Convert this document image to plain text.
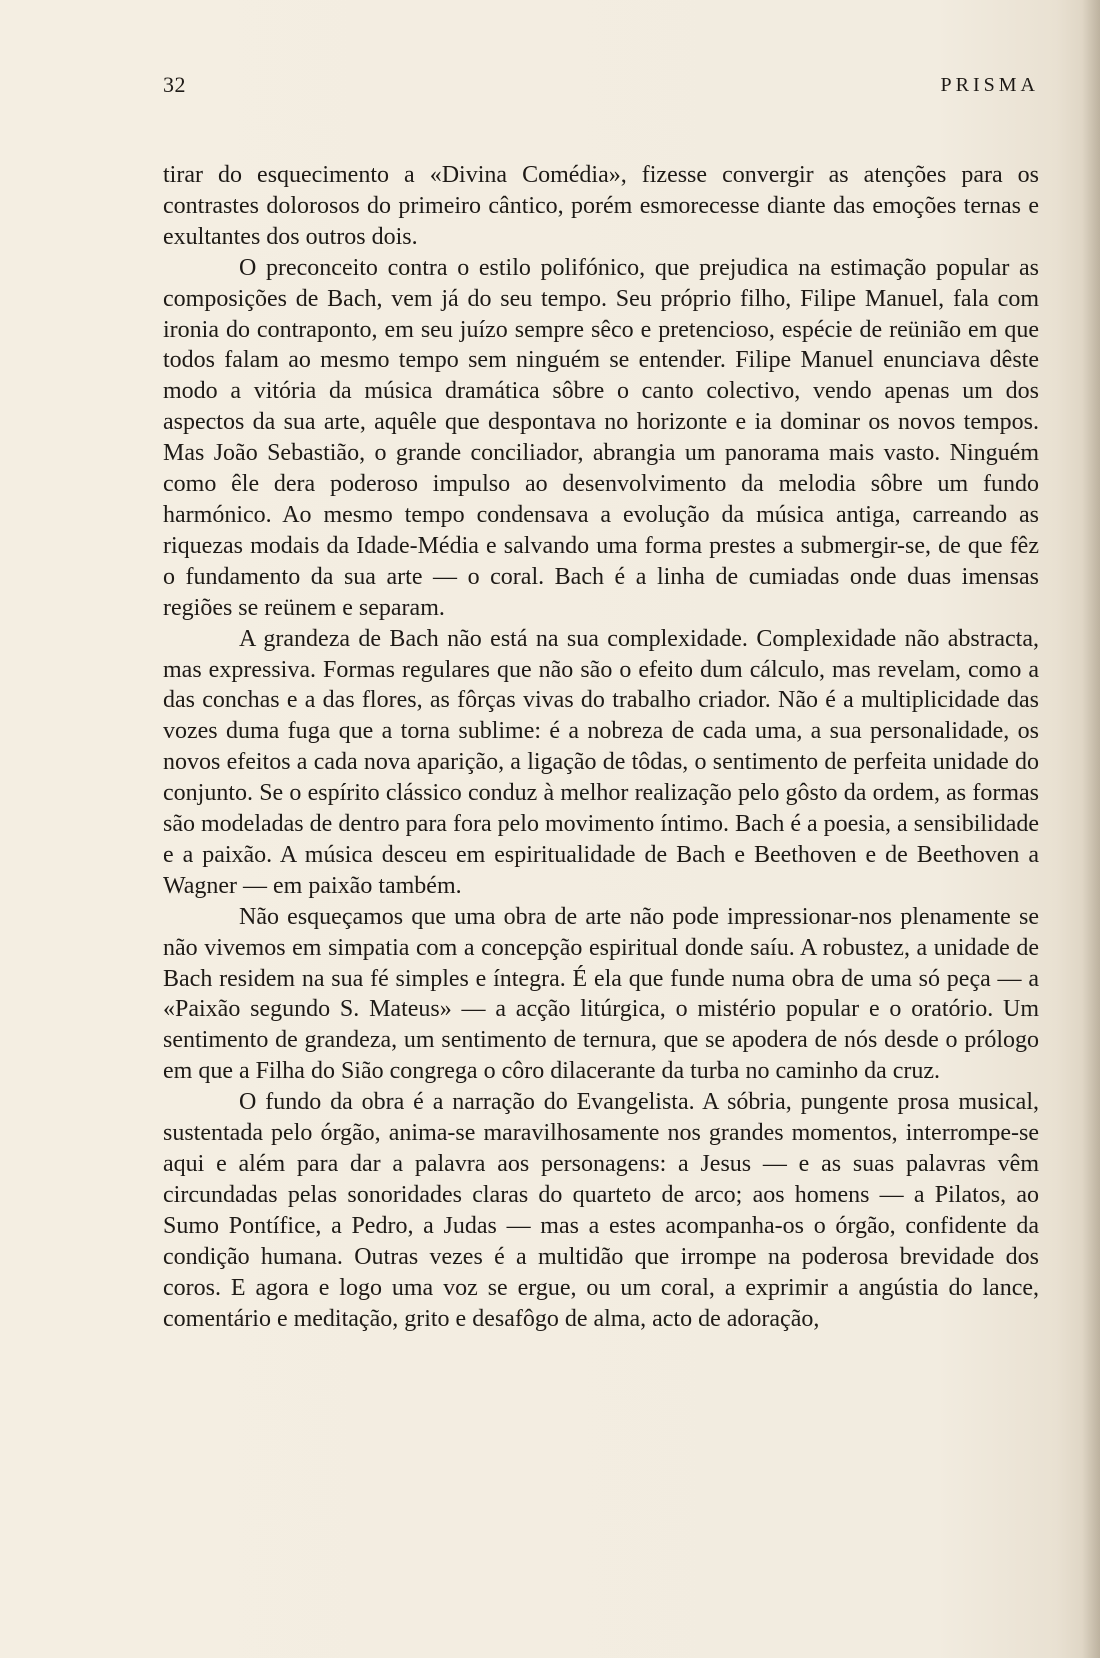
32	PRISMA

tirar do esquecimento a «Divina Comédia», fizesse convergir as atenções para os contrastes dolorosos do primeiro cântico, porém esmorecesse diante das emoções ternas e exultantes dos outros dois.

O preconceito contra o estilo polifónico, que prejudica na estimação popular as composições de Bach, vem já do seu tempo. Seu próprio filho, Filipe Manuel, fala com ironia do contraponto, em seu juízo sempre sêco e pretencioso, espécie de reünião em que todos falam ao mesmo tempo sem ninguém se entender. Filipe Manuel enunciava dêste modo a vitória da música dramática sôbre o canto colectivo, vendo apenas um dos aspectos da sua arte, aquêle que despontava no horizonte e ia dominar os novos tempos. Mas João Sebastião, o grande conciliador, abrangia um panorama mais vasto. Ninguém como êle dera poderoso impulso ao desenvolvimento da melodia sôbre um fundo harmónico. Ao mesmo tempo condensava a evolução da música antiga, carreando as riquezas modais da Idade-Média e salvando uma forma prestes a submergir-se, de que fêz o fundamento da sua arte — o coral. Bach é a linha de cumiadas onde duas imensas regiões se reünem e separam.

A grandeza de Bach não está na sua complexidade. Complexidade não abstracta, mas expressiva. Formas regulares que não são o efeito dum cálculo, mas revelam, como a das conchas e a das flores, as fôrças vivas do trabalho criador. Não é a multiplicidade das vozes duma fuga que a torna sublime: é a nobreza de cada uma, a sua personalidade, os novos efeitos a cada nova aparição, a ligação de tôdas, o sentimento de perfeita unidade do conjunto. Se o espírito clássico conduz à melhor realização pelo gôsto da ordem, as formas são modeladas de dentro para fora pelo movimento íntimo. Bach é a poesia, a sensibilidade e a paixão. A música desceu em espiritualidade de Bach e Beethoven e de Beethoven a Wagner — em paixão também.

Não esqueçamos que uma obra de arte não pode impressionar-nos plenamente se não vivemos em simpatia com a concepção espiritual donde saíu. A robustez, a unidade de Bach residem na sua fé simples e íntegra. É ela que funde numa obra de uma só peça — a «Paixão segundo S. Mateus» — a acção litúrgica, o mistério popular e o oratório. Um sentimento de grandeza, um sentimento de ternura, que se apodera de nós desde o prólogo em que a Filha do Sião congrega o côro dilacerante da turba no caminho da cruz.

O fundo da obra é a narração do Evangelista. A sóbria, pungente prosa musical, sustentada pelo órgão, anima-se maravilhosamente nos grandes momentos, interrompe-se aqui e além para dar a palavra aos personagens: a Jesus — e as suas palavras vêm circundadas pelas sonoridades claras do quarteto de arco; aos homens — a Pilatos, ao Sumo Pontífice, a Pedro, a Judas — mas a estes acompanha-os o órgão, confidente da condição humana. Outras vezes é a multidão que irrompe na poderosa brevidade dos coros. E agora e logo uma voz se ergue, ou um coral, a exprimir a angústia do lance, comentário e meditação, grito e desafôgo de alma, acto de adoração,
